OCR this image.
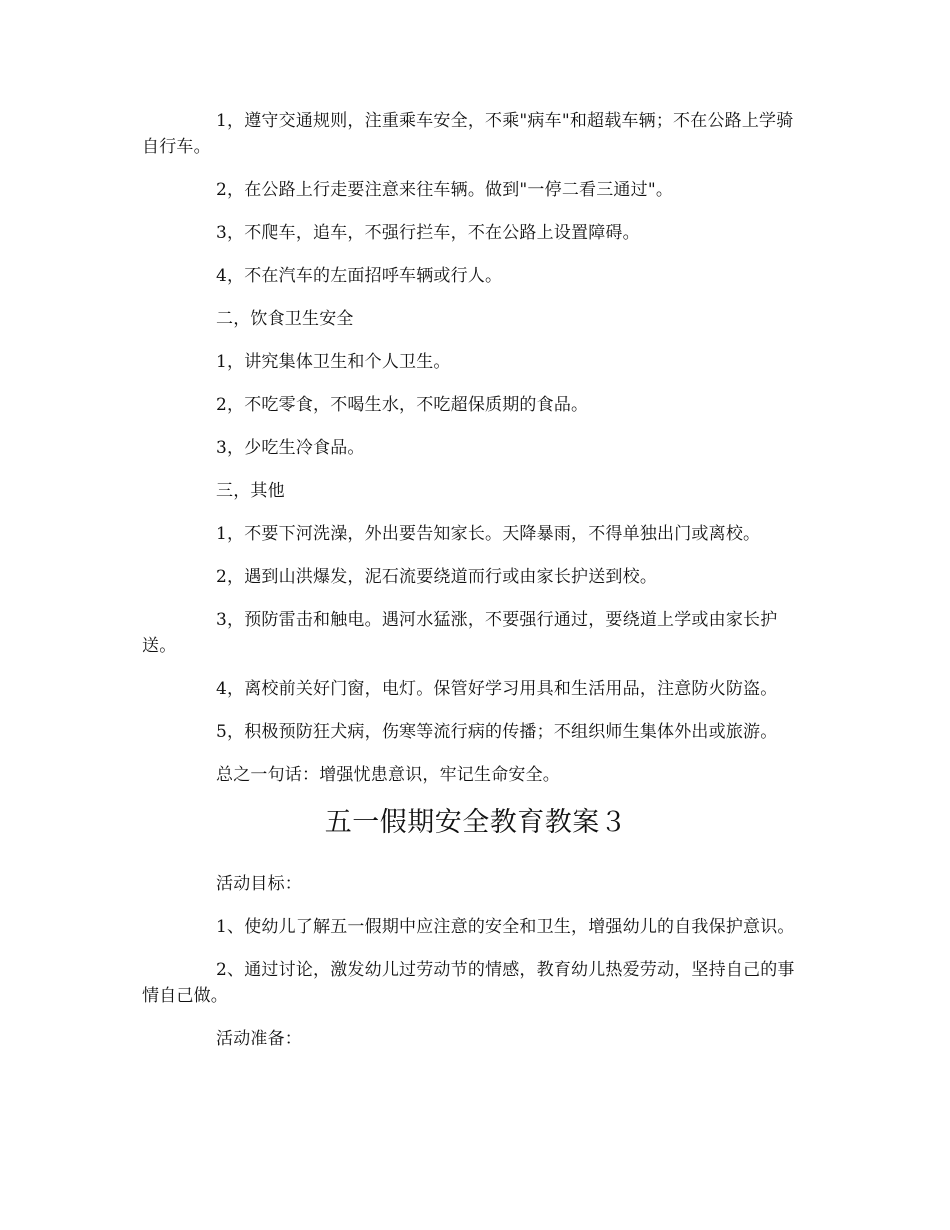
1，遵守交通规则，注重乘车安全，不乘"病车"和超载车辆；不在公路上学骑自行车。

2，在公路上行走要注意来往车辆。做到"一停二看三通过"。

3，不爬车，追车，不强行拦车，不在公路上设置障碍。

4，不在汽车的左面招呼车辆或行人。

二，饮食卫生安全

1，讲究集体卫生和个人卫生。

2，不吃零食，不喝生水，不吃超保质期的食品。

3，少吃生冷食品。

三，其他

1，不要下河洗澡，外出要告知家长。天降暴雨，不得单独出门或离校。

2，遇到山洪爆发，泥石流要绕道而行或由家长护送到校。

3，预防雷击和触电。遇河水猛涨，不要强行通过，要绕道上学或由家长护送。

4，离校前关好门窗，电灯。保管好学习用具和生活用品，注意防火防盗。

5，积极预防狂犬病，伤寒等流行病的传播；不组织师生集体外出或旅游。

总之一句话：增强忧患意识，牢记生命安全。

五一假期安全教育教案３

活动目标：

1、使幼儿了解五一假期中应注意的安全和卫生，增强幼儿的自我保护意识。

2、通过讨论，激发幼儿过劳动节的情感，教育幼儿热爱劳动，坚持自己的事情自己做。

活动准备：
